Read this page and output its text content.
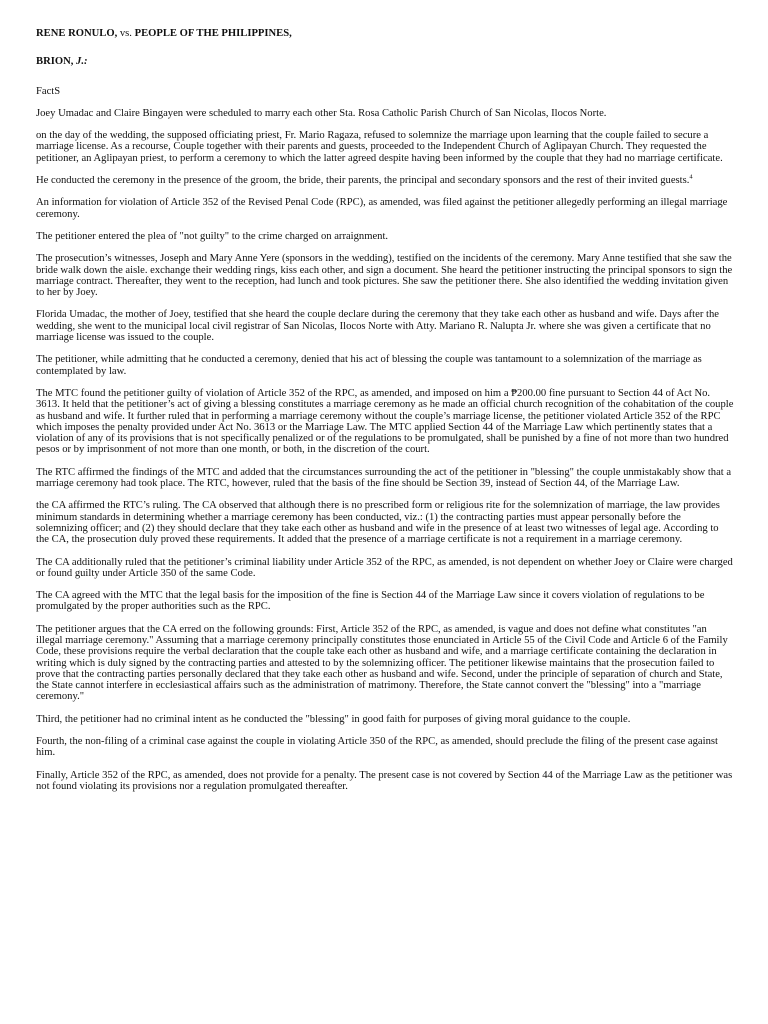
RENE RONULO, vs. PEOPLE OF THE PHILIPPINES,

BRION, J.:

FactS

Joey Umadac and Claire Bingayen were scheduled to marry each other Sta. Rosa Catholic Parish Church of San Nicolas, Ilocos Norte.

on the day of the wedding, the supposed officiating priest, Fr. Mario Ragaza, refused to solemnize the marriage upon learning that the couple failed to secure a marriage license. As a recourse, Couple together with their parents and guests, proceeded to the Independent Church of Aglipayan Church. They requested the petitioner, an Aglipayan priest, to perform a ceremony to which the latter agreed despite having been informed by the couple that they had no marriage certificate.

He conducted the ceremony in the presence of the groom, the bride, their parents, the principal and secondary sponsors and the rest of their invited guests.$^4$

An information for violation of Article 352 of the Revised Penal Code (RPC), as amended, was filed against the petitioner allegedly performing an illegal marriage ceremony.

The petitioner entered the plea of "not guilty" to the crime charged on arraignment.

The prosecution’s witnesses, Joseph and Mary Anne Yere (sponsors in the wedding), testified on the incidents of the ceremony. Mary Anne testified that she saw the bride walk down the aisle. exchange their wedding rings, kiss each other, and sign a document. She heard the petitioner instructing the principal sponsors to sign the marriage contract. Thereafter, they went to the reception, had lunch and took pictures. She saw the petitioner there. She also identified the wedding invitation given to her by Joey.

Florida Umadac, the mother of Joey, testified that she heard the couple declare during the ceremony that they take each other as husband and wife. Days after the wedding, she went to the municipal local civil registrar of San Nicolas, Ilocos Norte with Atty. Mariano R. Nalupta Jr. where she was given a certificate that no marriage license was issued to the couple.

The petitioner, while admitting that he conducted a ceremony, denied that his act of blessing the couple was tantamount to a solemnization of the marriage as contemplated by law.

The MTC found the petitioner guilty of violation of Article 352 of the RPC, as amended, and imposed on him a ₱200.00 fine pursuant to Section 44 of Act No. 3613. It held that the petitioner’s act of giving a blessing constitutes a marriage ceremony as he made an official church recognition of the cohabitation of the couple as husband and wife. It further ruled that in performing a marriage ceremony without the couple’s marriage license, the petitioner violated Article 352 of the RPC which imposes the penalty provided under Act No. 3613 or the Marriage Law. The MTC applied Section 44 of the Marriage Law which pertinently states that a violation of any of its provisions that is not specifically penalized or of the regulations to be promulgated, shall be punished by a fine of not more than two hundred pesos or by imprisonment of not more than one month, or both, in the discretion of the court.

The RTC affirmed the findings of the MTC and added that the circumstances surrounding the act of the petitioner in "blessing" the couple unmistakably show that a marriage ceremony had took place. The RTC, however, ruled that the basis of the fine should be Section 39, instead of Section 44, of the Marriage Law.

the CA affirmed the RTC’s ruling. The CA observed that although there is no prescribed form or religious rite for the solemnization of marriage, the law provides minimum standards in determining whether a marriage ceremony has been conducted, viz.: (1) the contracting parties must appear personally before the solemnizing officer; and (2) they should declare that they take each other as husband and wife in the presence of at least two witnesses of legal age. According to the CA, the prosecution duly proved these requirements. It added that the presence of a marriage certificate is not a requirement in a marriage ceremony.

The CA additionally ruled that the petitioner’s criminal liability under Article 352 of the RPC, as amended, is not dependent on whether Joey or Claire were charged or found guilty under Article 350 of the same Code.

The CA agreed with the MTC that the legal basis for the imposition of the fine is Section 44 of the Marriage Law since it covers violation of regulations to be promulgated by the proper authorities such as the RPC.

The petitioner argues that the CA erred on the following grounds: First, Article 352 of the RPC, as amended, is vague and does not define what constitutes "an illegal marriage ceremony." Assuming that a marriage ceremony principally constitutes those enunciated in Article 55 of the Civil Code and Article 6 of the Family Code, these provisions require the verbal declaration that the couple take each other as husband and wife, and a marriage certificate containing the declaration in writing which is duly signed by the contracting parties and attested to by the solemnizing officer. The petitioner likewise maintains that the prosecution failed to prove that the contracting parties personally declared that they take each other as husband and wife. Second, under the principle of separation of church and State, the State cannot interfere in ecclesiastical affairs such as the administration of matrimony. Therefore, the State cannot convert the "blessing" into a "marriage ceremony."

Third, the petitioner had no criminal intent as he conducted the "blessing" in good faith for purposes of giving moral guidance to the couple.

Fourth, the non-filing of a criminal case against the couple in violating Article 350 of the RPC, as amended, should preclude the filing of the present case against him.

Finally, Article 352 of the RPC, as amended, does not provide for a penalty. The present case is not covered by Section 44 of the Marriage Law as the petitioner was not found violating its provisions nor a regulation promulgated thereafter.
